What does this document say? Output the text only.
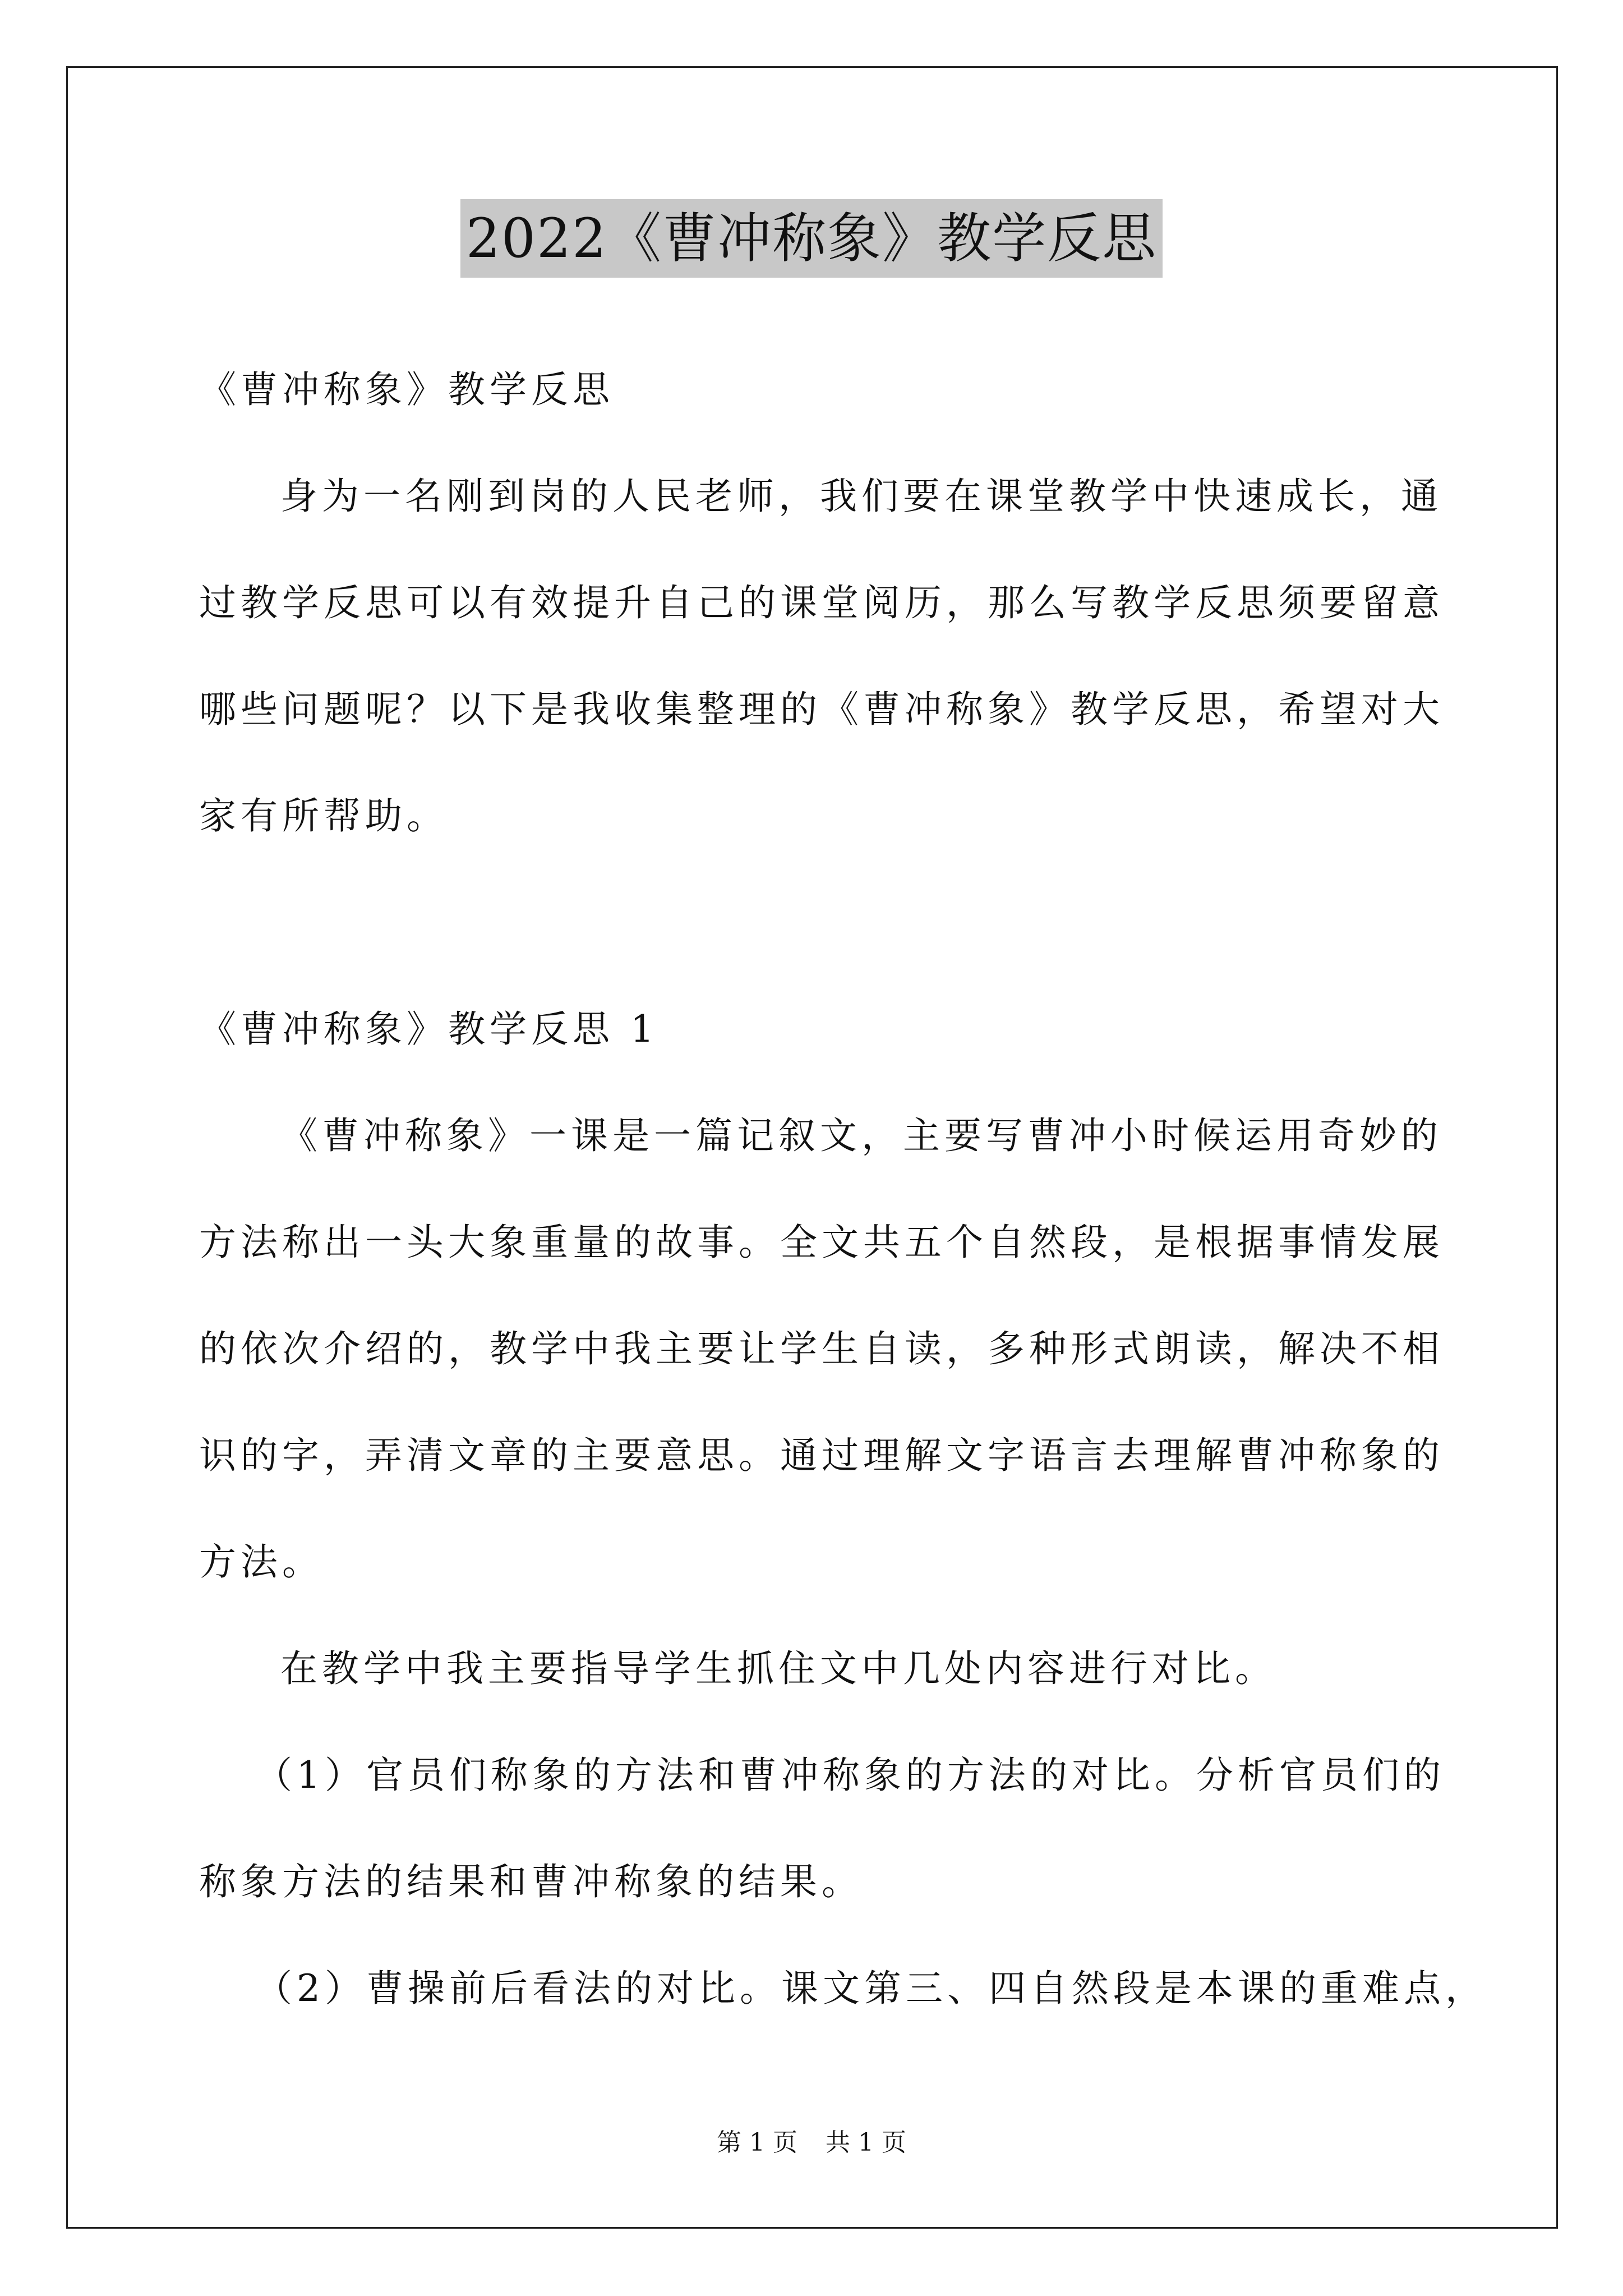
2022《曹冲称象》教学反思
《曹冲称象》教学反思
身为一名刚到岗的人民老师，我们要在课堂教学中快速成长，通
过教学反思可以有效提升自己的课堂阅历，那么写教学反思须要留意
哪些问题呢？以下是我收集整理的《曹冲称象》教学反思，希望对大
家有所帮助。
《曹冲称象》教学反思 1
《曹冲称象》一课是一篇记叙文，主要写曹冲小时候运用奇妙的
方法称出一头大象重量的故事。全文共五个自然段，是根据事情发展
的依次介绍的，教学中我主要让学生自读，多种形式朗读，解决不相
识的字，弄清文章的主要意思。通过理解文字语言去理解曹冲称象的
方法。
在教学中我主要指导学生抓住文中几处内容进行对比。
（1）官员们称象的方法和曹冲称象的方法的对比。分析官员们的
称象方法的结果和曹冲称象的结果。
（2）曹操前后看法的对比。课文第三、四自然段是本课的重难点，
第 1 页 共 1 页
